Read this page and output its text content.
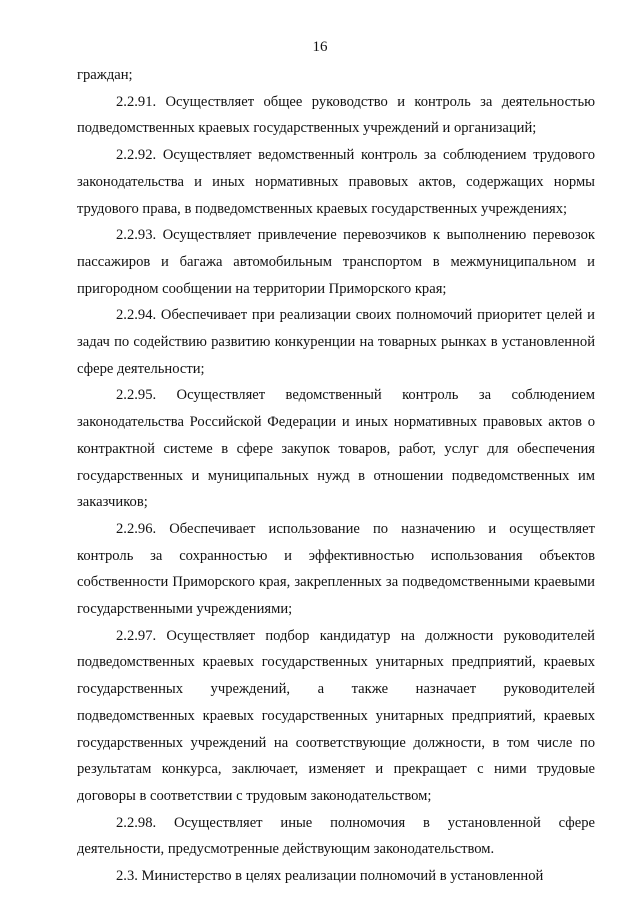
16

граждан;

2.2.91. Осуществляет общее руководство и контроль за деятельностью подведомственных краевых государственных учреждений и организаций;

2.2.92. Осуществляет ведомственный контроль за соблюдением трудового законодательства и иных нормативных правовых актов, содержащих нормы трудового права, в подведомственных краевых государственных учреждениях;

2.2.93. Осуществляет привлечение перевозчиков к выполнению перевозок пассажиров и багажа автомобильным транспортом в межмуниципальном и пригородном сообщении на территории Приморского края;

2.2.94. Обеспечивает при реализации своих полномочий приоритет целей и задач по содействию развитию конкуренции на товарных рынках в установленной сфере деятельности;

2.2.95. Осуществляет ведомственный контроль за соблюдением законодательства Российской Федерации и иных нормативных правовых актов о контрактной системе в сфере закупок товаров, работ, услуг для обеспечения государственных и муниципальных нужд в отношении подведомственных им заказчиков;

2.2.96. Обеспечивает использование по назначению и осуществляет контроль за сохранностью и эффективностью использования объектов собственности Приморского края, закрепленных за подведомственными краевыми государственными учреждениями;

2.2.97. Осуществляет подбор кандидатур на должности руководителей подведомственных краевых государственных унитарных предприятий, краевых государственных учреждений, а также назначает руководителей подведомственных краевых государственных унитарных предприятий, краевых государственных учреждений на соответствующие должности, в том числе по результатам конкурса, заключает, изменяет и прекращает с ними трудовые договоры в соответствии с трудовым законодательством;

2.2.98. Осуществляет иные полномочия в установленной сфере деятельности, предусмотренные действующим законодательством.

2.3. Министерство в целях реализации полномочий в установленной
